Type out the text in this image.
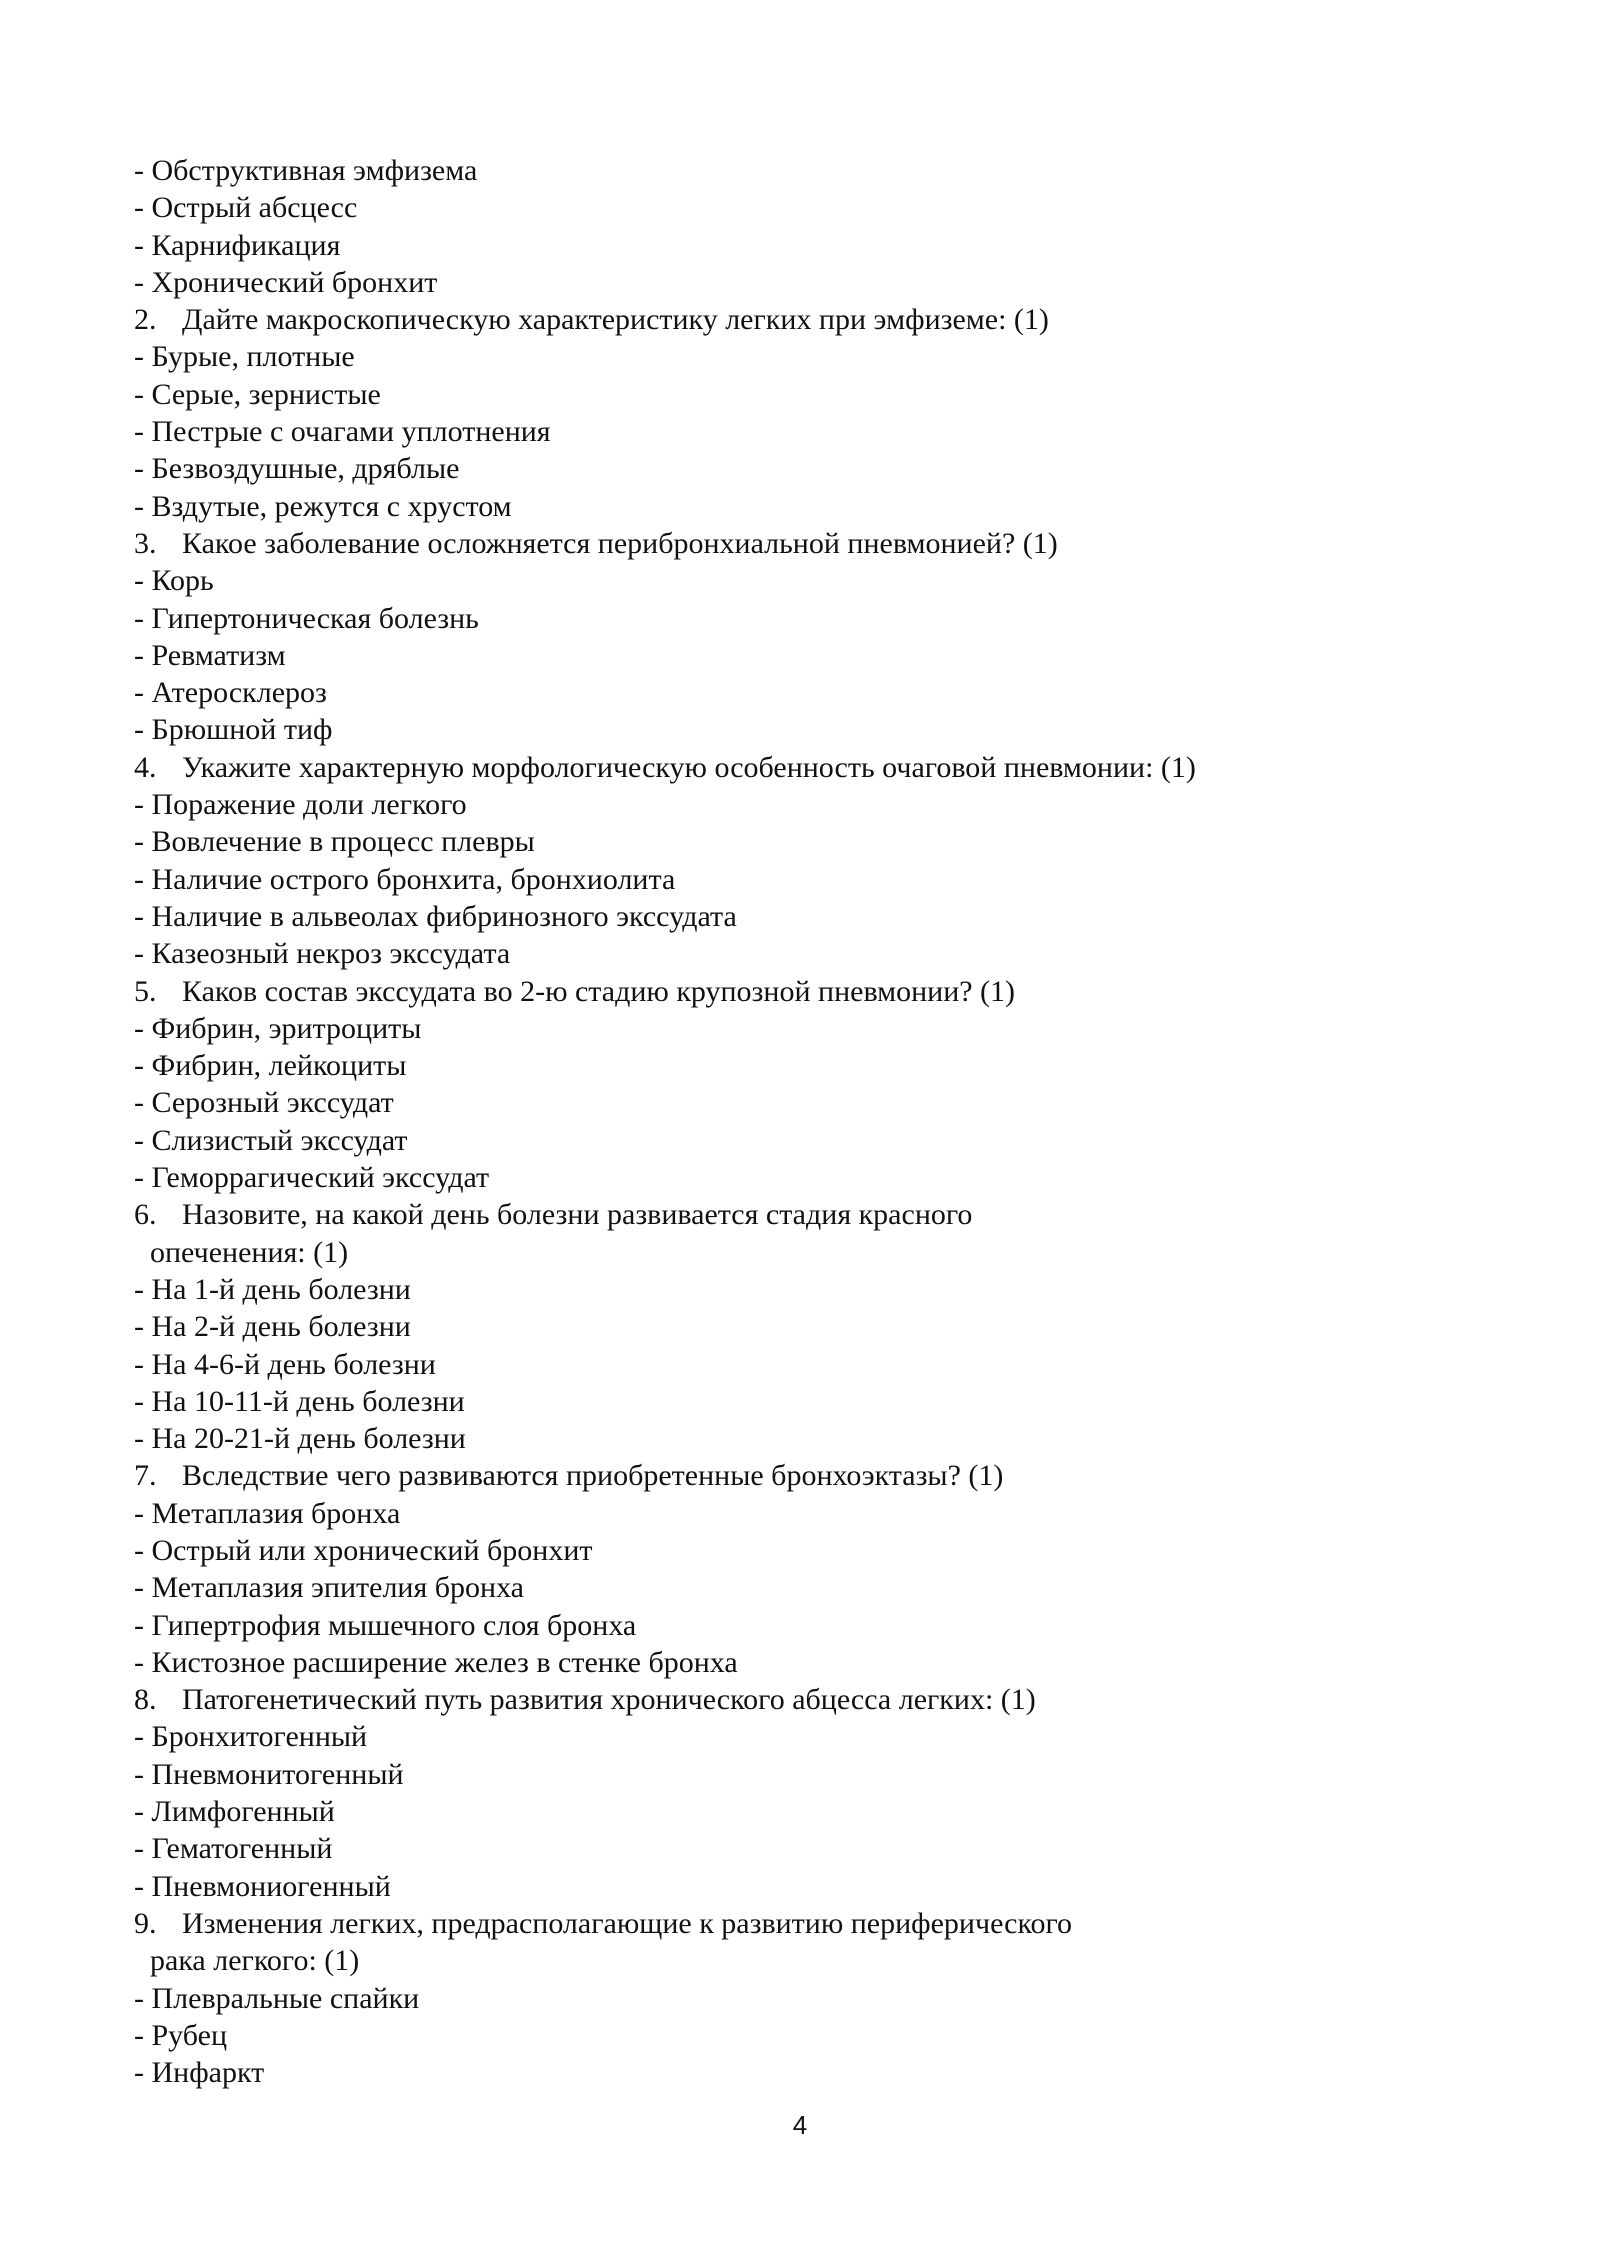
- Обструктивная эмфизема
- Острый абсцесс
- Карнификация
- Хронический бронхит
2. Дайте макроскопическую характеристику легких при эмфиземе: (1)
- Бурые, плотные
- Серые, зернистые
- Пестрые с очагами уплотнения
- Безвоздушные, дряблые
- Вздутые, режутся с хрустом
3. Какое заболевание осложняется перибронхиальной пневмонией? (1)
- Корь
- Гипертоническая болезнь
- Ревматизм
- Атеросклероз
- Брюшной тиф
4. Укажите характерную морфологическую особенность очаговой пневмонии: (1)
- Поражение доли легкого
- Вовлечение в процесс плевры
- Наличие острого бронхита, бронхиолита
- Наличие в альвеолах фибринозного экссудата
- Казеозный некроз экссудата
5. Каков состав экссудата во 2-ю стадию крупозной пневмонии? (1)
- Фибрин, эритроциты
- Фибрин, лейкоциты
- Серозный экссудат
- Слизистый экссудат
- Геморрагический экссудат
6. Назовите, на какой день болезни развивается стадия красного
опеченения: (1)
- На 1-й день болезни
- На 2-й день болезни
- На 4-6-й день болезни
- На 10-11-й день болезни
- На 20-21-й день болезни
7. Вследствие чего развиваются приобретенные бронхоэктазы? (1)
- Метаплазия бронха
- Острый или хронический бронхит
- Метаплазия эпителия бронха
- Гипертрофия мышечного слоя бронха
- Кистозное расширение желез в стенке бронха
8. Патогенетический путь развития хронического абцесса легких: (1)
- Бронхитогенный
- Пневмонитогенный
- Лимфогенный
- Гематогенный
- Пневмониогенный
9. Изменения легких, предрасполагающие к развитию периферического
рака легкого: (1)
- Плевральные спайки
- Рубец
- Инфаркт
4
